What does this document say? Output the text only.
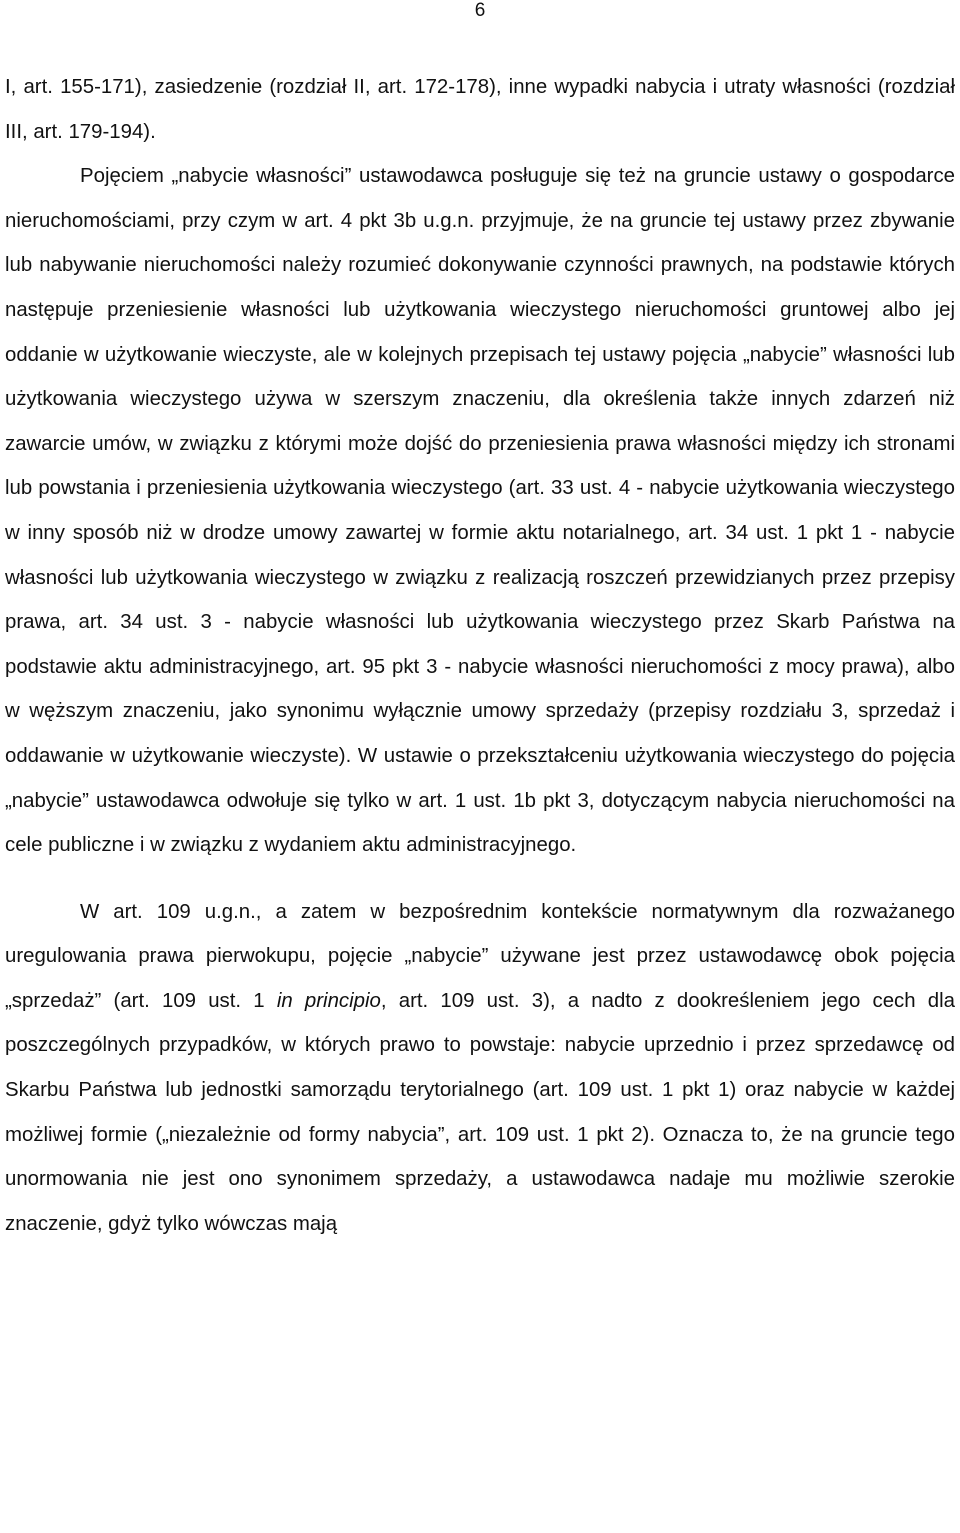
6

I, art. 155-171), zasiedzenie (rozdział II, art. 172-178), inne wypadki nabycia i utraty własności (rozdział III, art. 179-194).

Pojęciem „nabycie własności” ustawodawca posługuje się też na gruncie ustawy o gospodarce nieruchomościami, przy czym w art. 4 pkt 3b u.g.n. przyjmuje, że na gruncie tej ustawy przez zbywanie lub nabywanie nieruchomości należy rozumieć dokonywanie czynności prawnych, na podstawie których następuje przeniesienie własności lub użytkowania wieczystego nieruchomości gruntowej albo jej oddanie w użytkowanie wieczyste, ale w kolejnych przepisach tej ustawy pojęcia „nabycie” własności lub użytkowania wieczystego używa w szerszym znaczeniu, dla określenia także innych zdarzeń niż zawarcie umów, w związku z którymi może dojść do przeniesienia prawa własności między ich stronami lub powstania i przeniesienia użytkowania wieczystego (art. 33 ust. 4 - nabycie użytkowania wieczystego w inny sposób niż w drodze umowy zawartej w formie aktu notarialnego, art. 34 ust. 1 pkt 1 - nabycie własności lub użytkowania wieczystego w związku z realizacją roszczeń przewidzianych przez przepisy prawa, art. 34 ust. 3 - nabycie własności lub użytkowania wieczystego przez Skarb Państwa na podstawie aktu administracyjnego, art. 95 pkt 3 - nabycie własności nieruchomości z mocy prawa), albo w węższym znaczeniu, jako synonimu wyłącznie umowy sprzedaży (przepisy rozdziału 3, sprzedaż i oddawanie w użytkowanie wieczyste). W ustawie o przekształceniu użytkowania wieczystego do pojęcia „nabycie” ustawodawca odwołuje się tylko w art. 1 ust. 1b pkt 3, dotyczącym nabycia nieruchomości na cele publiczne i w związku z wydaniem aktu administracyjnego.

W art. 109 u.g.n., a zatem w bezpośrednim kontekście normatywnym dla rozważanego uregulowania prawa pierwokupu, pojęcie „nabycie” używane jest przez ustawodawcę obok pojęcia „sprzedaż” (art. 109 ust. 1 in principio, art. 109 ust. 3), a nadto z dookreśleniem jego cech dla poszczególnych przypadków, w których prawo to powstaje: nabycie uprzednio i przez sprzedawcę od Skarbu Państwa lub jednostki samorządu terytorialnego (art. 109 ust. 1 pkt 1) oraz nabycie w każdej możliwej formie („niezależnie od formy nabycia”, art. 109 ust. 1 pkt 2). Oznacza to, że na gruncie tego unormowania nie jest ono synonimem sprzedaży, a ustawodawca nadaje mu możliwie szerokie znaczenie, gdyż tylko wówczas mają
